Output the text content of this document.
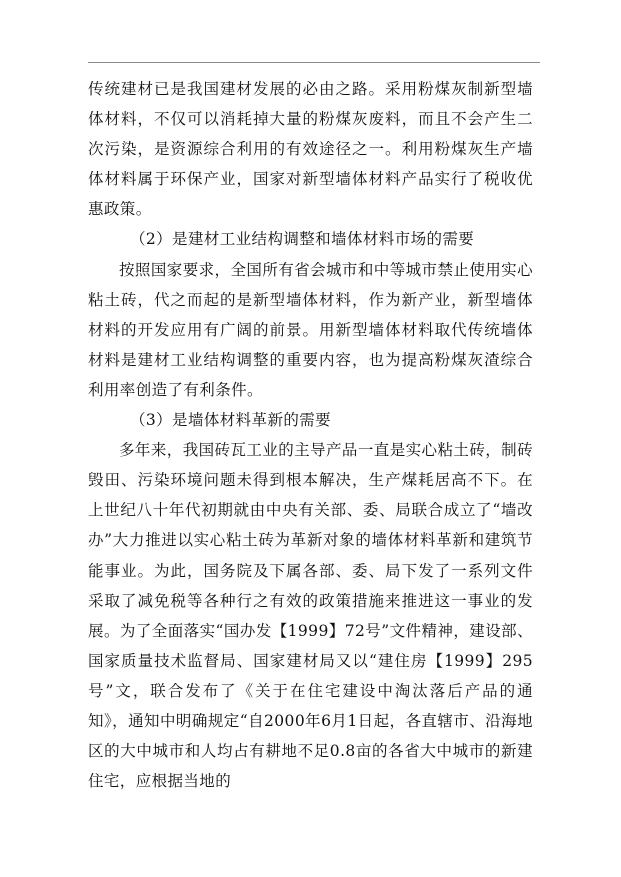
传统建材已是我国建材发展的必由之路。采用粉煤灰制新型墙体材料，不仅可以消耗掉大量的粉煤灰废料，而且不会产生二次污染，是资源综合利用的有效途径之一。利用粉煤灰生产墙体材料属于环保产业，国家对新型墙体材料产品实行了税收优惠政策。

（2）是建材工业结构调整和墙体材料市场的需要

按照国家要求，全国所有省会城市和中等城市禁止使用实心粘土砖，代之而起的是新型墙体材料，作为新产业，新型墙体材料的开发应用有广阔的前景。用新型墙体材料取代传统墙体材料是建材工业结构调整的重要内容，也为提高粉煤灰渣综合利用率创造了有利条件。

（3）是墙体材料革新的需要

多年来，我国砖瓦工业的主导产品一直是实心粘土砖，制砖毁田、污染环境问题未得到根本解决，生产煤耗居高不下。在上世纪八十年代初期就由中央有关部、委、局联合成立了“墙改办”大力推进以实心粘土砖为革新对象的墙体材料革新和建筑节能事业。为此，国务院及下属各部、委、局下发了一系列文件采取了减免税等各种行之有效的政策措施来推进这一事业的发展。为了全面落实“国办发【1999】72号”文件精神，建设部、国家质量技术监督局、国家建材局又以“建住房【1999】295号”文，联合发布了《关于在住宅建设中淘汰落后产品的通知》，通知中明确规定“自2000年6月1日起，各直辖市、沿海地区的大中城市和人均占有耕地不足0.8亩的各省大中城市的新建住宅，应根据当地的
